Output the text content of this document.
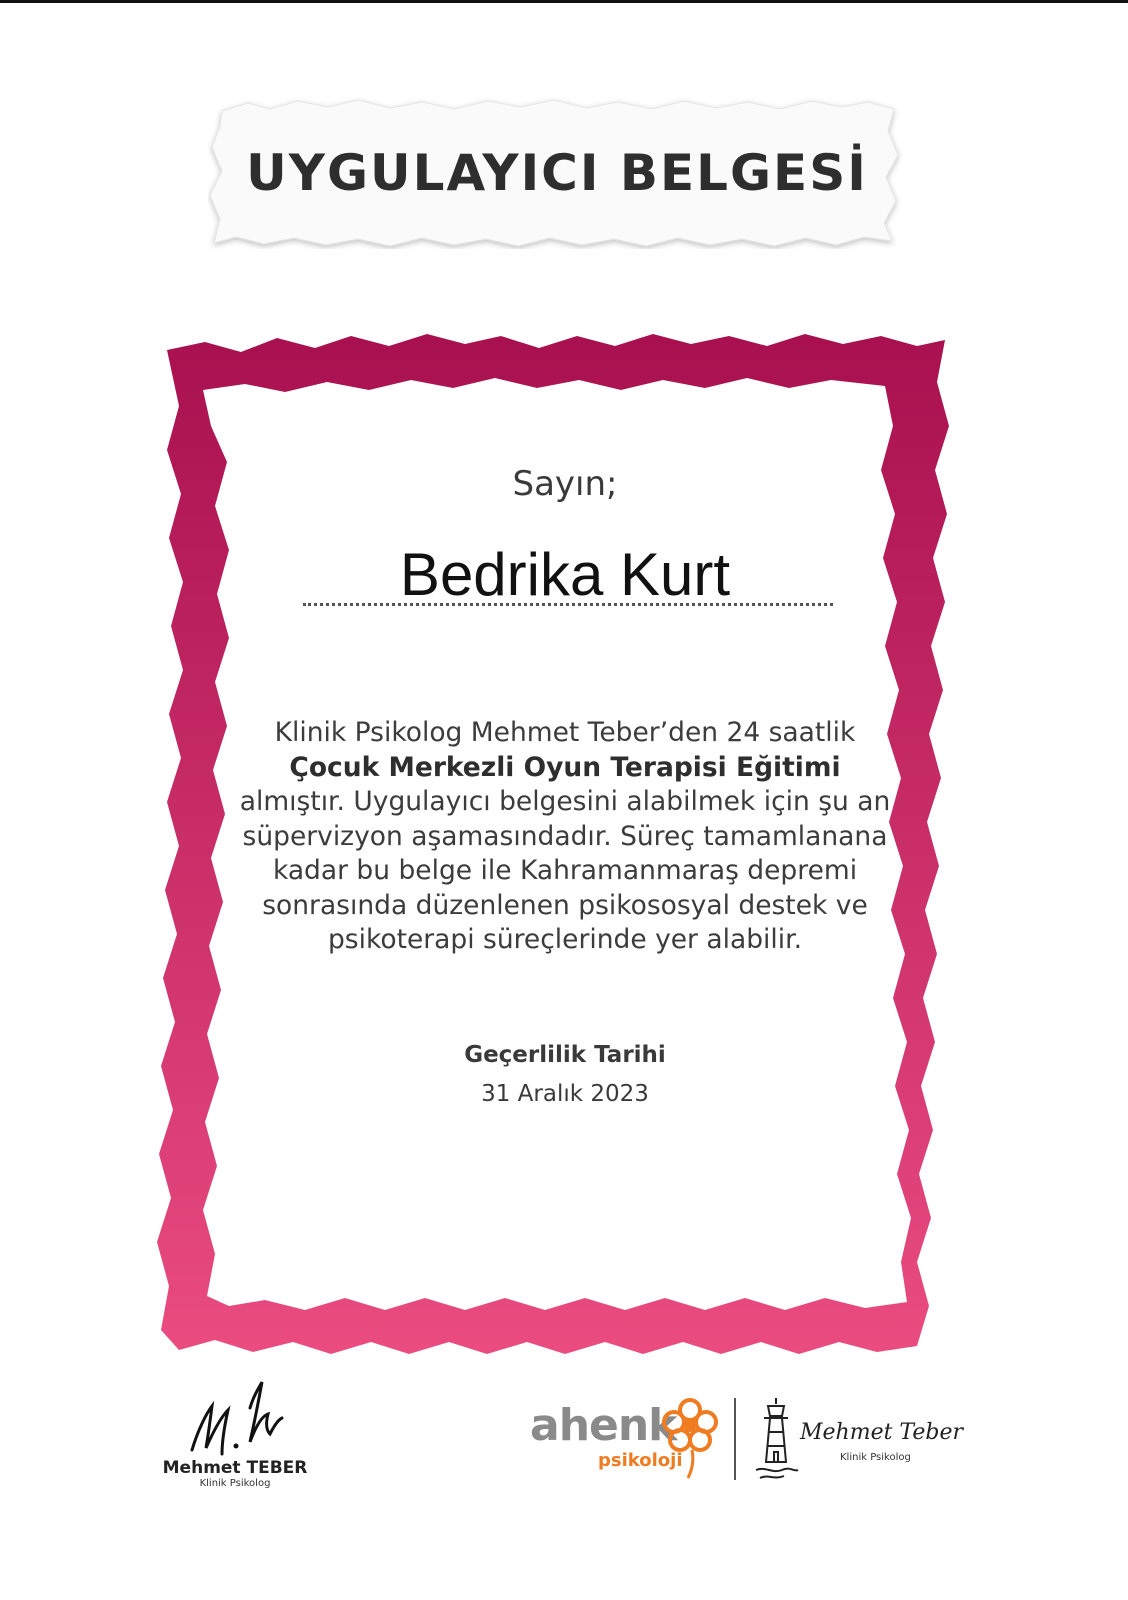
UYGULAYICI BELGESİ
Sayın;
Bedrika Kurt
Klinik Psikolog Mehmet Teber’den 24 saatlik
Çocuk Merkezli Oyun Terapisi Eğitimi
almıştır. Uygulayıcı belgesini alabilmek için şu an süpervizyon aşamasındadır. Süreç tamamlanana kadar bu belge ile Kahramanmaraş depremi sonrasında düzenlenen psikososyal destek ve psikoterapi süreçlerinde yer alabilir.
Geçerlilik Tarihi
31 Aralık 2023
Mehmet TEBER
Klinik Psikolog
ahenk
psikoloji
Mehmet Teber
Klinik Psikolog
